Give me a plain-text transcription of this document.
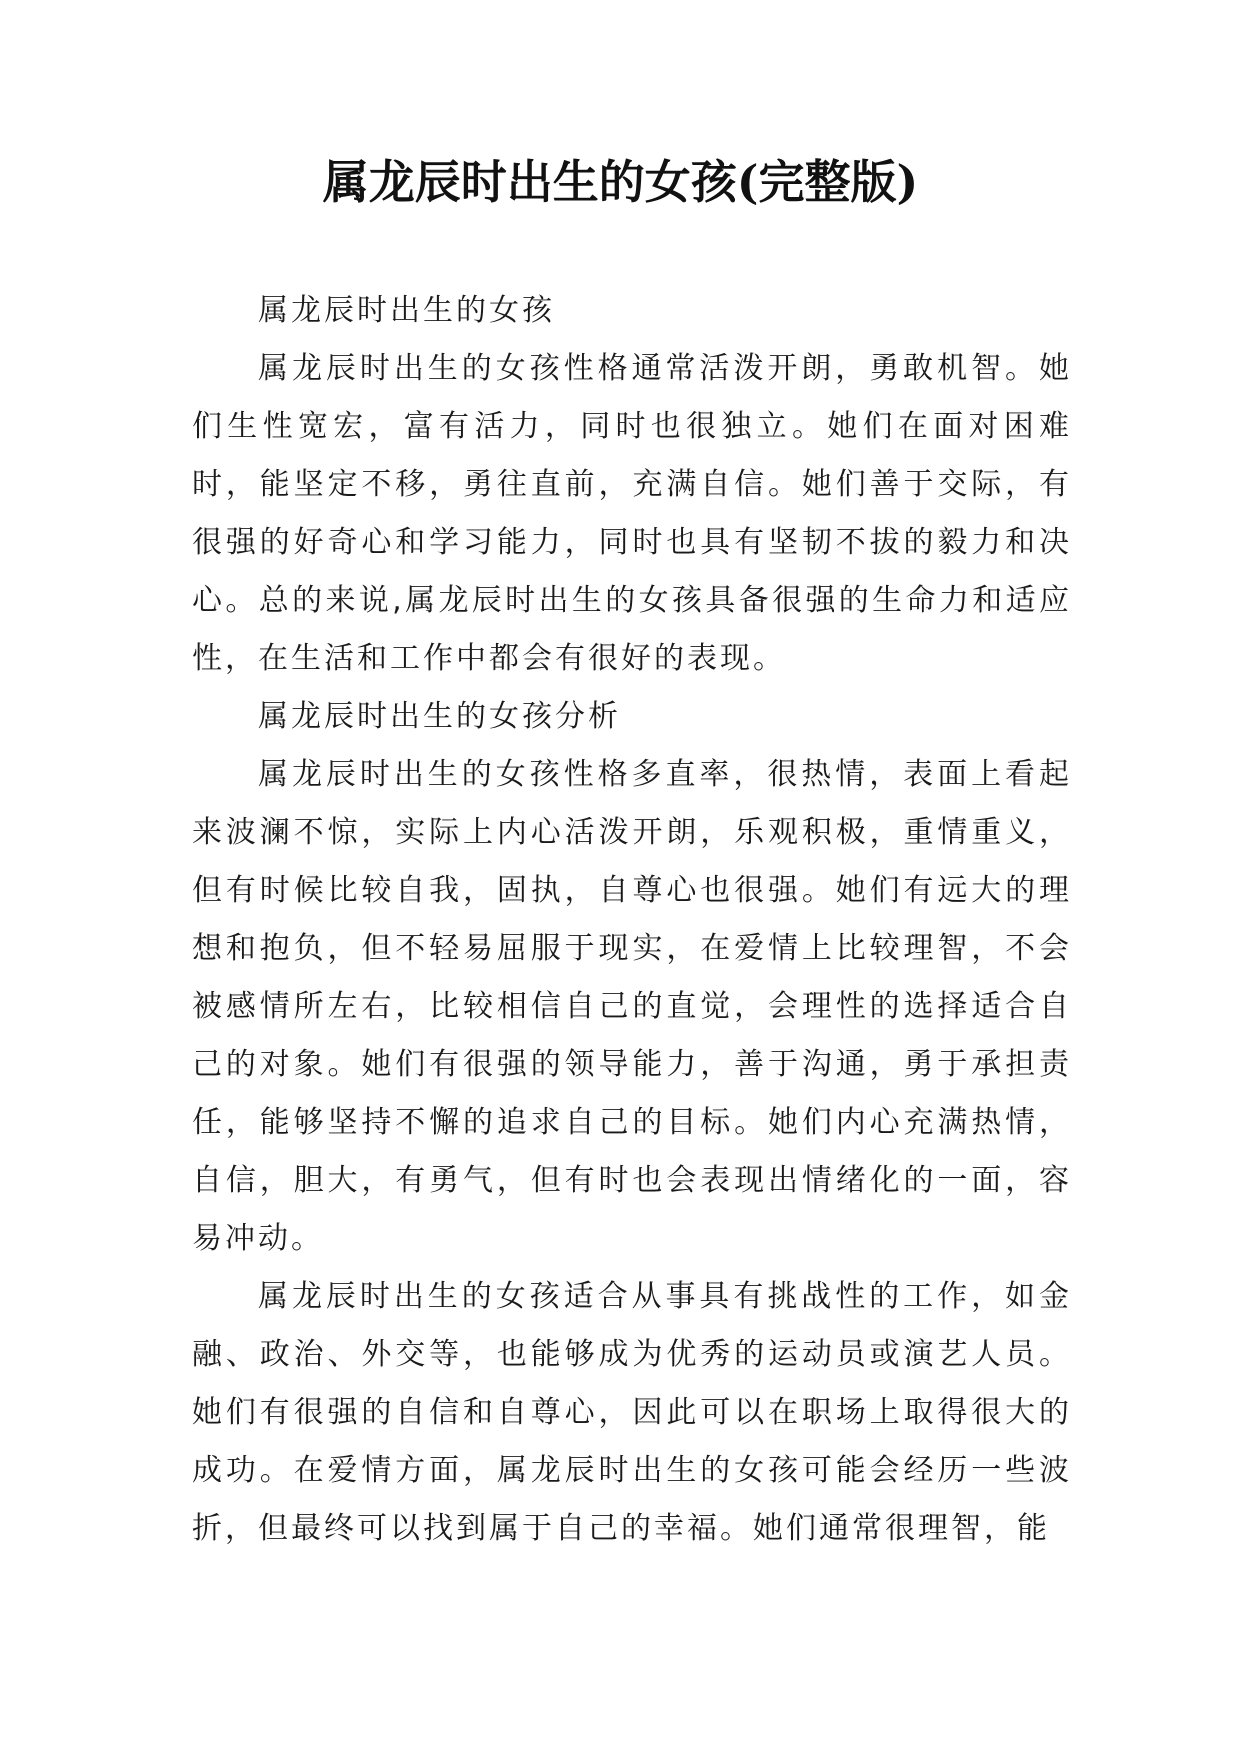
属龙辰时出生的女孩(完整版)

属龙辰时出生的女孩

属龙辰时出生的女孩性格通常活泼开朗，勇敢机智。她们生性宽宏，富有活力，同时也很独立。她们在面对困难时，能坚定不移，勇往直前，充满自信。她们善于交际，有很强的好奇心和学习能力，同时也具有坚韧不拔的毅力和决心。总的来说,属龙辰时出生的女孩具备很强的生命力和适应性，在生活和工作中都会有很好的表现。

属龙辰时出生的女孩分析

属龙辰时出生的女孩性格多直率，很热情，表面上看起来波澜不惊，实际上内心活泼开朗，乐观积极，重情重义，但有时候比较自我，固执，自尊心也很强。她们有远大的理想和抱负，但不轻易屈服于现实，在爱情上比较理智，不会被感情所左右，比较相信自己的直觉，会理性的选择适合自己的对象。她们有很强的领导能力，善于沟通，勇于承担责任，能够坚持不懈的追求自己的目标。她们内心充满热情，自信，胆大，有勇气，但有时也会表现出情绪化的一面，容易冲动。

属龙辰时出生的女孩适合从事具有挑战性的工作，如金融、政治、外交等，也能够成为优秀的运动员或演艺人员。她们有很强的自信和自尊心，因此可以在职场上取得很大的成功。在爱情方面，属龙辰时出生的女孩可能会经历一些波折，但最终可以找到属于自己的幸福。她们通常很理智，能
